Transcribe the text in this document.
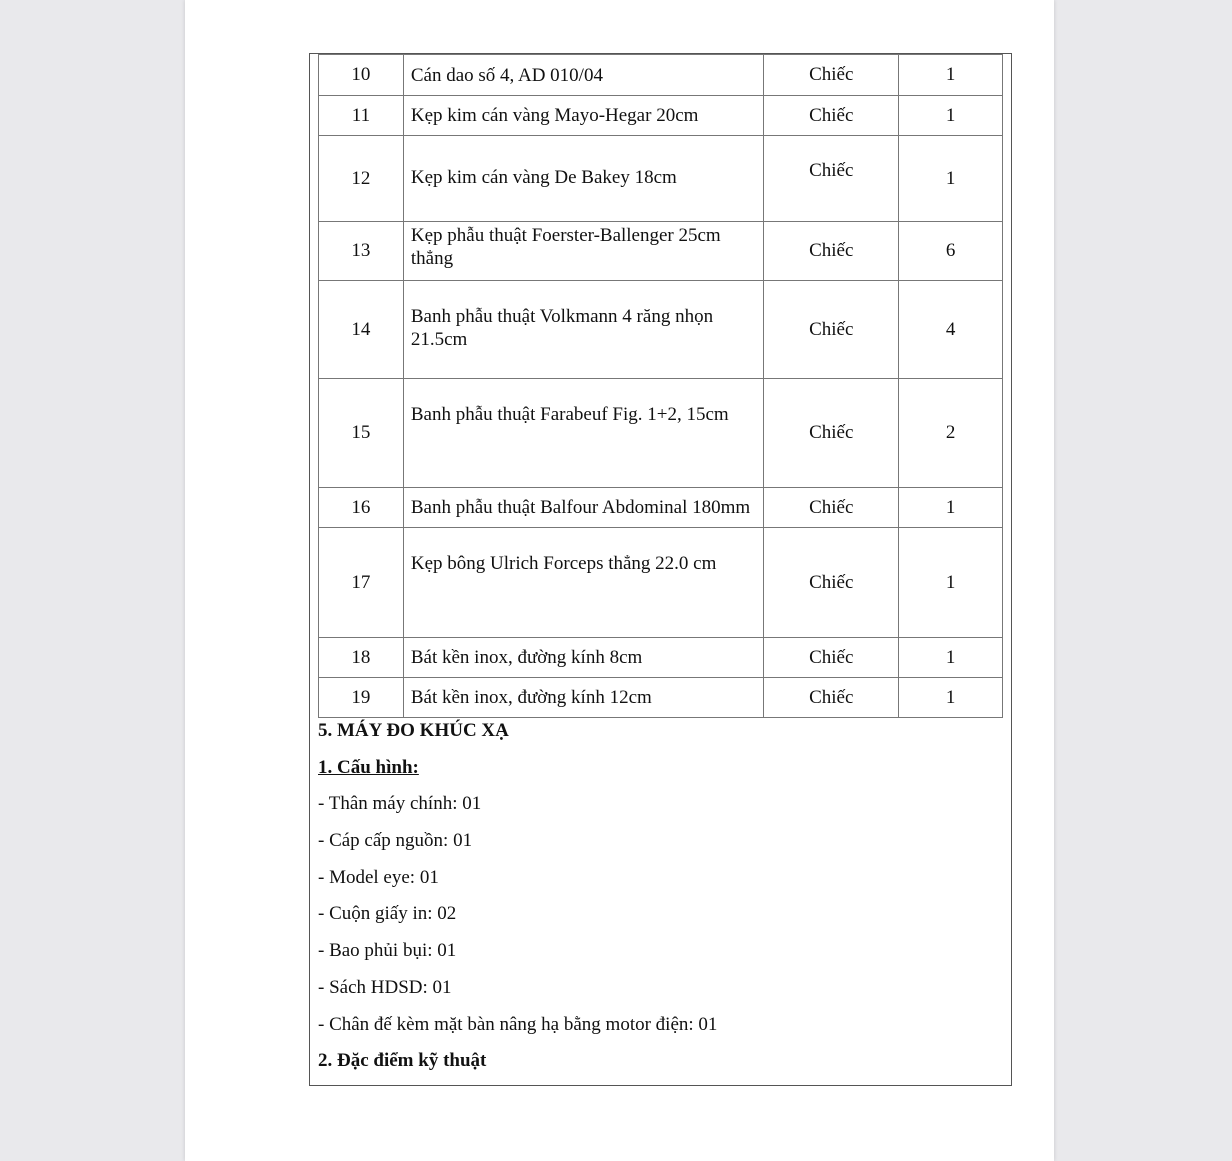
10	Cán dao số 4, AD 010/04	Chiếc	1
11	Kẹp kim cán vàng Mayo-Hegar 20cm	Chiếc	1
12	Kẹp kim cán vàng De Bakey 18cm	Chiếc	1
13	Kẹp phẫu thuật Foerster-Ballenger 25cm thẳng	Chiếc	6
14	Banh phẫu thuật Volkmann 4 răng nhọn 21.5cm	Chiếc	4
15	Banh phẫu thuật Farabeuf Fig. 1+2, 15cm	Chiếc	2
16	Banh phẫu thuật Balfour Abdominal 180mm	Chiếc	1
17	Kẹp bông Ulrich Forceps thẳng 22.0 cm	Chiếc	1
18	Bát kền inox, đường kính 8cm	Chiếc	1
19	Bát kền inox, đường kính 12cm	Chiếc	1
5. MÁY ĐO KHÚC XẠ
1. Cấu hình:
- Thân máy chính: 01
- Cáp cấp nguồn: 01
- Model eye: 01
- Cuộn giấy in: 02
- Bao phủi bụi: 01
- Sách HDSD: 01
- Chân đế kèm mặt bàn nâng hạ bằng motor điện: 01
2. Đặc điểm kỹ thuật
